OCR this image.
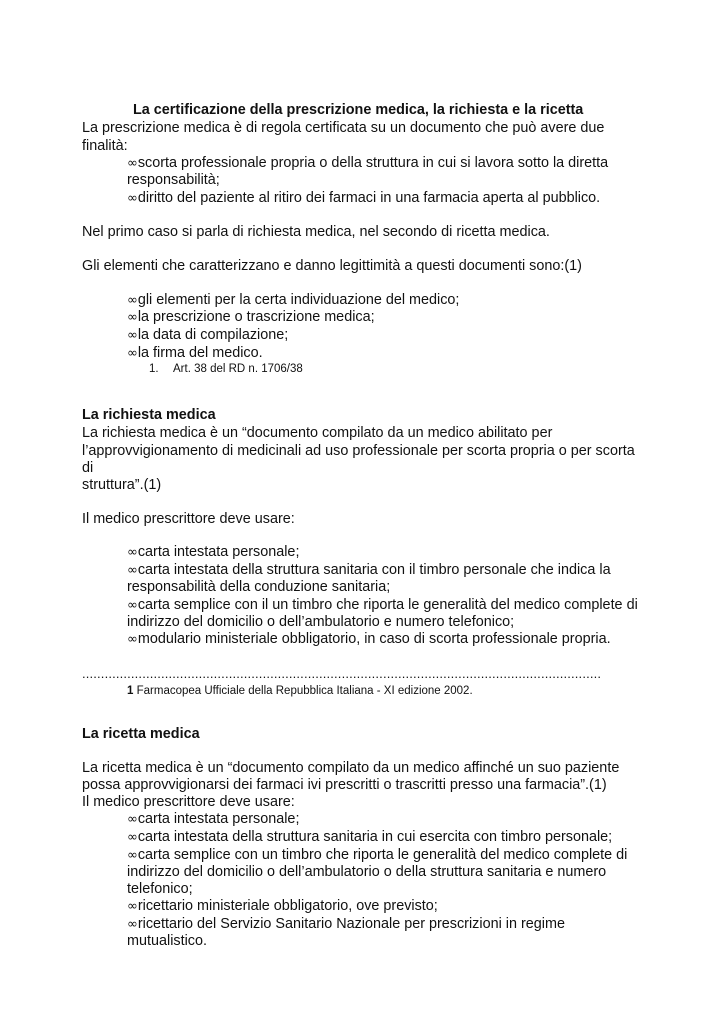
La certificazione della prescrizione medica, la richiesta e la ricetta
La prescrizione medica è di regola certificata su un documento che può avere due
finalità:
∞scorta professionale propria o della struttura in cui si lavora sotto la diretta
responsabilità;
∞diritto del paziente al ritiro dei farmaci in una farmacia aperta al pubblico.
Nel primo caso si parla di richiesta medica, nel secondo di ricetta medica.
Gli elementi che caratterizzano e danno legittimità a questi documenti sono:(1)
∞gli elementi per la certa individuazione del medico;
∞la prescrizione o trascrizione medica;
∞la data di compilazione;
∞la firma del medico.
1. Art. 38 del RD n. 1706/38
La richiesta medica
La richiesta medica è un “documento compilato da un medico abilitato per
l’approvvigionamento di medicinali ad uso professionale per scorta propria o per scorta
di
struttura”.(1)
Il medico prescrittore deve usare:
∞carta intestata personale;
∞carta intestata della struttura sanitaria con il timbro personale che indica la
responsabilità della conduzione sanitaria;
∞carta semplice con il un timbro che riporta le generalità del medico complete di
indirizzo del domicilio o dell’ambulatorio e numero telefonico;
∞modulario ministeriale obbligatorio, in caso di scorta professionale propria.
..........................................................................................................................................
1 Farmacopea Ufficiale della Repubblica Italiana - XI edizione 2002.
La ricetta medica
La ricetta medica è un “documento compilato da un medico affinché un suo paziente
possa approvvigionarsi dei farmaci ivi prescritti o trascritti presso una farmacia”.(1)
Il medico prescrittore deve usare:
∞carta intestata personale;
∞carta intestata della struttura sanitaria in cui esercita con timbro personale;
∞carta semplice con un timbro che riporta le generalità del medico complete di
indirizzo del domicilio o dell’ambulatorio o della struttura sanitaria e numero
telefonico;
∞ricettario ministeriale obbligatorio, ove previsto;
∞ricettario del Servizio Sanitario Nazionale per prescrizioni in regime
mutualistico.
